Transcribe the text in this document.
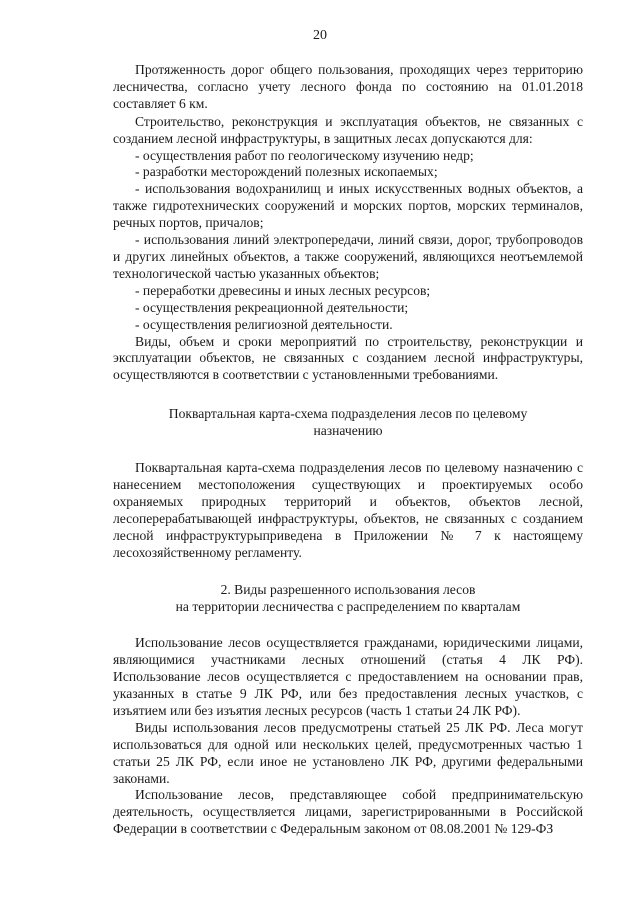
20

Протяженность дорог общего пользования, проходящих через территорию лесничества, согласно учету лесного фонда по состоянию на 01.01.2018 составляет 6 км.

Строительство, реконструкция и эксплуатация объектов, не связанных с созданием лесной инфраструктуры, в защитных лесах допускаются для:

- осуществления работ по геологическому изучению недр;

- разработки месторождений полезных ископаемых;

- использования водохранилищ и иных искусственных водных объектов, а также гидротехнических сооружений и морских портов, морских терминалов, речных портов, причалов;

- использования линий электропередачи, линий связи, дорог, трубопроводов и других линейных объектов, а также сооружений, являющихся неотъемлемой технологической частью указанных объектов;

- переработки древесины и иных лесных ресурсов;

- осуществления рекреационной деятельности;

- осуществления религиозной деятельности.

Виды, объем и сроки мероприятий по строительству, реконструкции и эксплуатации объектов, не связанных с созданием лесной инфраструктуры, осуществляются в соответствии с установленными требованиями.

Поквартальная карта-схема подразделения лесов по целевому
назначению

Поквартальная карта-схема подразделения лесов по целевому назначению с нанесением местоположения существующих и проектируемых особо охраняемых природных территорий и объектов, объектов лесной, лесоперерабатывающей инфраструктуры, объектов, не связанных с созданием лесной инфраструктурыприведена в Приложении № 7 к настоящему лесохозяйственному регламенту.

2. Виды разрешенного использования лесов
на территории лесничества с распределением по кварталам

Использование лесов осуществляется гражданами, юридическими лицами, являющимися участниками лесных отношений (статья 4 ЛК РФ). Использование лесов осуществляется с предоставлением на основании прав, указанных в статье 9 ЛК РФ, или без предоставления лесных участков, с изъятием или без изъятия лесных ресурсов (часть 1 статьи 24 ЛК РФ).

Виды использования лесов предусмотрены статьей 25 ЛК РФ. Леса могут использоваться для одной или нескольких целей, предусмотренных частью 1 статьи 25 ЛК РФ, если иное не установлено ЛК РФ, другими федеральными законами.

Использование лесов, представляющее собой предпринимательскую деятельность, осуществляется лицами, зарегистрированными в Российской Федерации в соответствии с Федеральным законом от 08.08.2001 № 129-ФЗ
